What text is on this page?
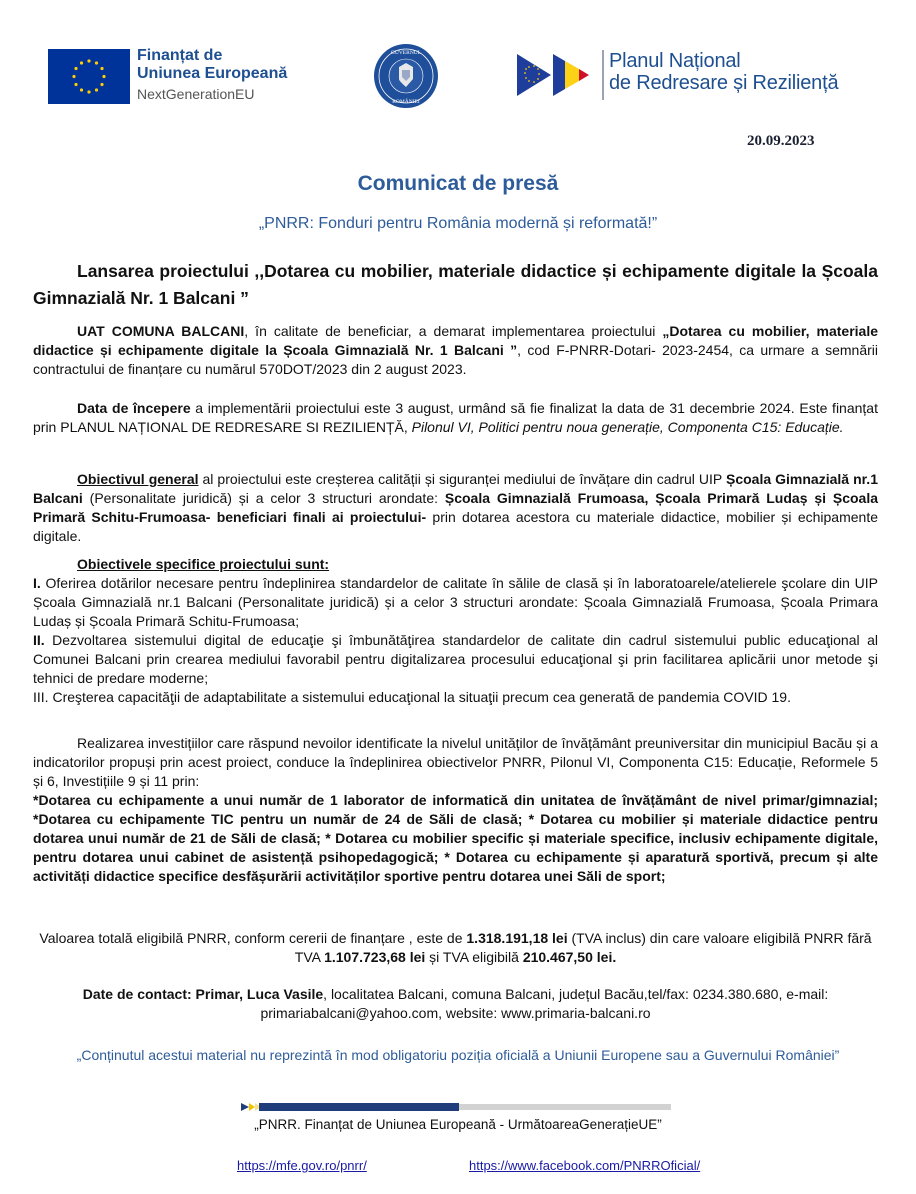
Finanțat de
Uniunea Europeană
NextGenerationEU
GUVERNUL
ROMÂNIEI
Planul Național
de Redresare și Reziliență
20.09.2023
Comunicat de presă
„PNRR: Fonduri pentru România modernă și reformată!”
Lansarea proiectului ,,Dotarea cu mobilier, materiale didactice și echipamente digitale la Școala Gimnazială Nr. 1 Balcani ”

UAT COMUNA BALCANI, în calitate de beneficiar, a demarat implementarea proiectului „Dotarea cu mobilier, materiale didactice și echipamente digitale la Școala Gimnazială Nr. 1 Balcani ”, cod F-PNRR-Dotari- 2023-2454, ca urmare a semnării contractului de finanțare cu numărul 570DOT/2023 din 2 august 2023.

Data de începere a implementării proiectului este 3 august, urmând să fie finalizat la data de 31 decembrie 2024. Este finanțat prin PLANUL NAȚIONAL DE REDRESARE SI REZILIENȚĂ, Pilonul VI, Politici pentru noua generație, Componenta C15: Educație.

Obiectivul general al proiectului este creșterea calității și siguranței mediului de învățare din cadrul UIP Școala Gimnazială nr.1 Balcani (Personalitate juridică) și a celor 3 structuri arondate: Școala Gimnazială Frumoasa, Școala Primară Ludaș și Școala Primară Schitu-Frumoasa- beneficiari finali ai proiectului- prin dotarea acestora cu materiale didactice, mobilier și echipamente digitale.

Obiectivele specifice proiectului sunt:

I. Oferirea dotărilor necesare pentru îndeplinirea standardelor de calitate în sălile de clasă și în laboratoarele/atelierele şcolare din UIP Școala Gimnazială nr.1 Balcani (Personalitate juridică) și a celor 3 structuri arondate: Școala Gimnazială Frumoasa, Școala Primara Ludaș și Școala Primară Schitu-Frumoasa;

II. Dezvoltarea sistemului digital de educaţie şi îmbunătăţirea standardelor de calitate din cadrul sistemului public educaţional al Comunei Balcani prin crearea mediului favorabil pentru digitalizarea procesului educaţional şi prin facilitarea aplicării unor metode şi tehnici de predare moderne;

III. Creşterea capacităţii de adaptabilitate a sistemului educaţional la situaţii precum cea generată de pandemia COVID 19.

Realizarea investițiilor care răspund nevoilor identificate la nivelul unităților de învățământ preuniversitar din municipiul Bacău și a indicatorilor propuși prin acest proiect, conduce la îndeplinirea obiectivelor PNRR, Pilonul VI, Componenta C15: Educație, Reformele 5 și 6, Investițiile 9 și 11 prin:

*Dotarea cu echipamente a unui număr de 1 laborator de informatică din unitatea de învățământ de nivel primar/gimnazial; *Dotarea cu echipamente TIC pentru un număr de 24 de Săli de clasă; * Dotarea cu mobilier și materiale didactice pentru dotarea unui număr de 21 de Săli de clasă; * Dotarea cu mobilier specific și materiale specifice, inclusiv echipamente digitale, pentru dotarea unui cabinet de asistență psihopedagogică; * Dotarea cu echipamente și aparatură sportivă, precum și alte activități didactice specifice desfășurării activităților sportive pentru dotarea unei Săli de sport;

Valoarea totală eligibilă PNRR, conform cererii de finanțare , este de 1.318.191,18 lei (TVA inclus) din care valoare eligibilă PNRR fără TVA 1.107.723,68 lei și TVA eligibilă 210.467,50 lei.

Date de contact: Primar, Luca Vasile, localitatea Balcani, comuna Balcani, județul Bacău,tel/fax: 0234.380.680, e-mail: primariabalcani@yahoo.com, website: www.primaria-balcani.ro

„Conținutul acestui material nu reprezintă în mod obligatoriu poziția oficială a Uniunii Europene sau a Guvernului României”
„PNRR. Finanțat de Uniunea Europeană - UrmătoareaGenerațieUE”
https://mfe.gov.ro/pnrr/	https://www.facebook.com/PNRROficial/
